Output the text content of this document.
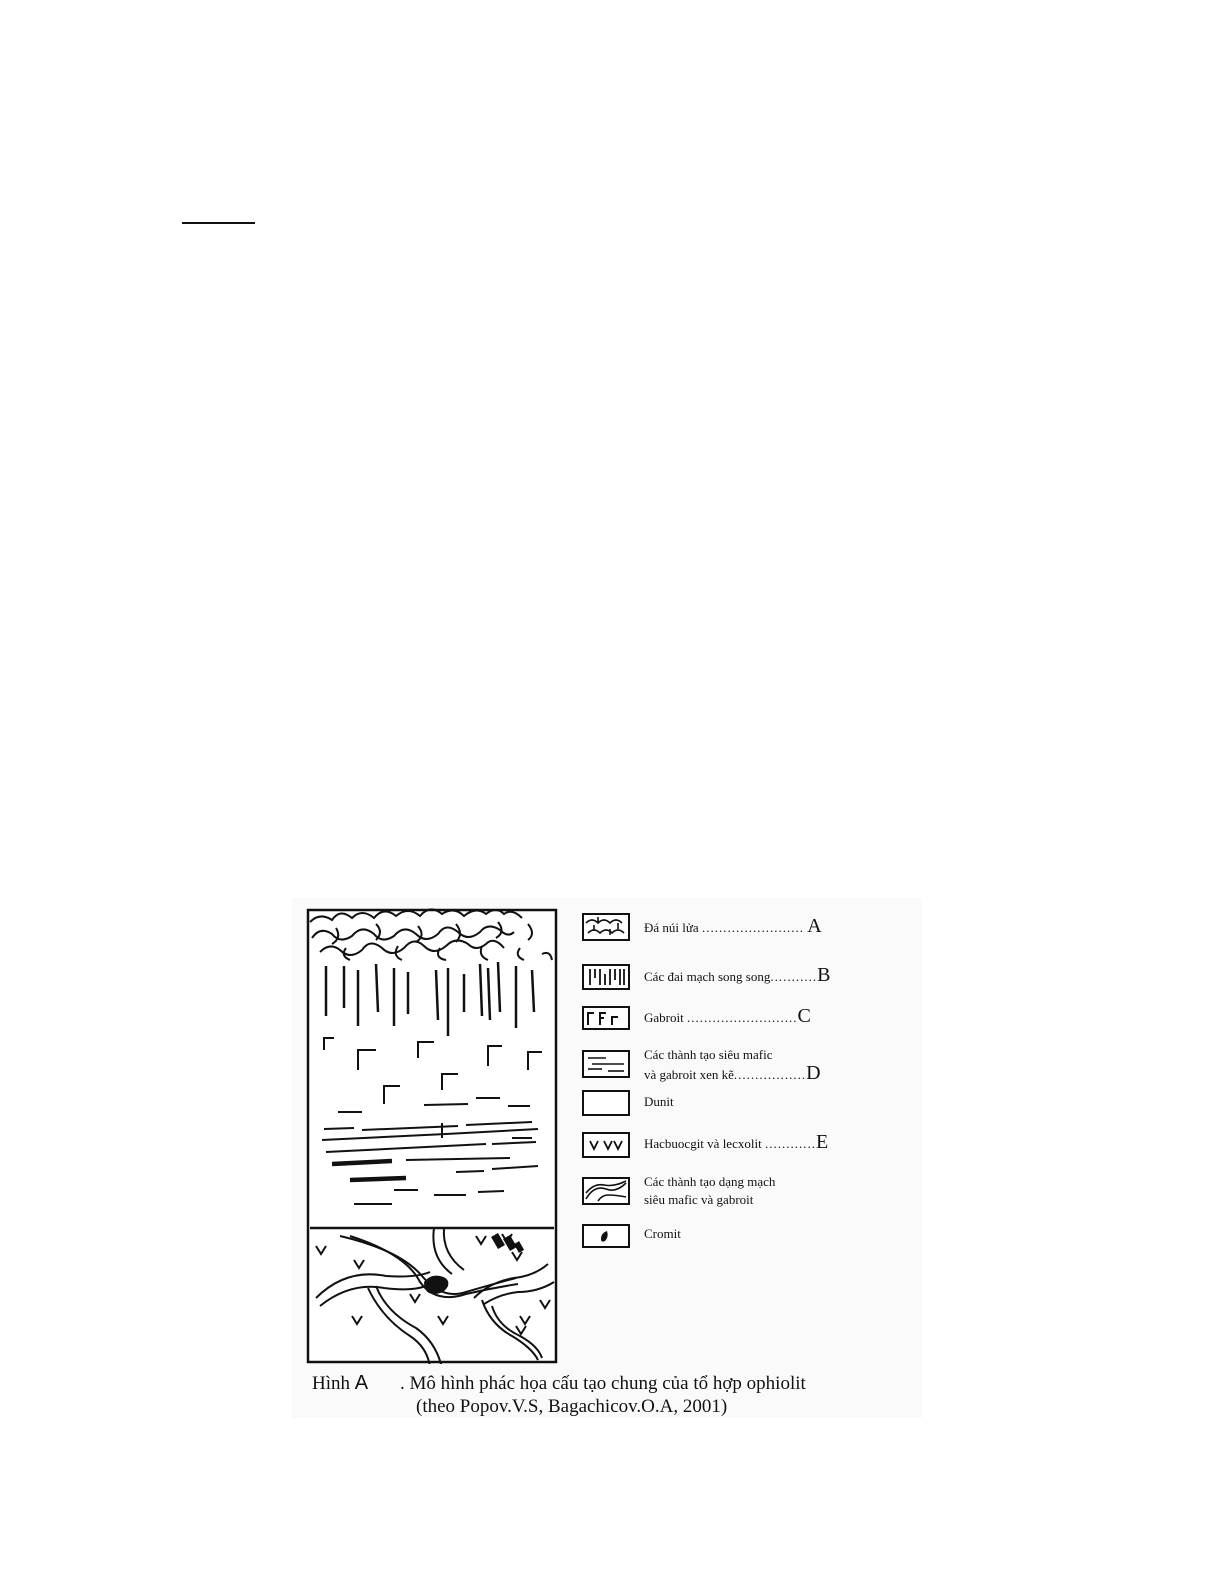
Đá núi lửa ........................ A
Các đai mạch song song...........B
Gabroit ..........................C
Các thành tạo siêu mafic
và gabroit xen kẽ.................D
Dunit
Hacbuocgit và lecxolit ............E
Các thành tạo dạng mạch
siêu mafic và gabroit
Cromit
Hình A . Mô hình phác họa cấu tạo chung của tổ hợp ophiolit
(theo Popov.V.S, Bagachicov.O.A, 2001)
